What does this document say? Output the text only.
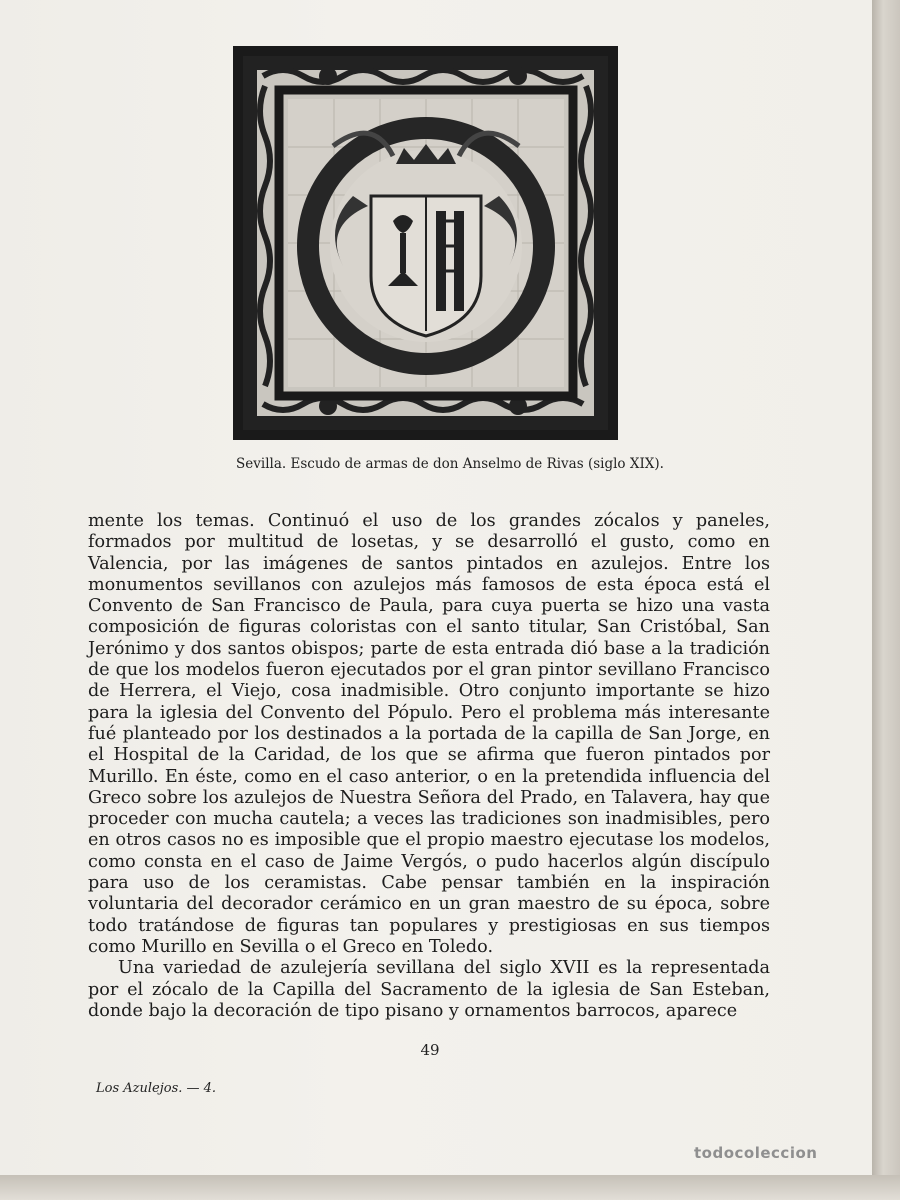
Sevilla. Escudo de armas de don Anselmo de Rivas (siglo XIX).

mente los temas. Continuó el uso de los grandes zócalos y paneles, formados por multitud de losetas, y se desarrolló el gusto, como en Valencia, por las imágenes de santos pintados en azulejos. Entre los monumentos sevillanos con azulejos más famosos de esta época está el Convento de San Francisco de Paula, para cuya puerta se hizo una vasta composición de figuras coloristas con el santo titular, San Cristóbal, San Jerónimo y dos santos obispos; parte de esta entrada dió base a la tradición de que los modelos fueron ejecutados por el gran pintor sevillano Francisco de Herrera, el Viejo, cosa inadmisible. Otro conjunto importante se hizo para la iglesia del Convento del Pópulo. Pero el problema más interesante fué planteado por los destinados a la portada de la capilla de San Jorge, en el Hospital de la Caridad, de los que se afirma que fueron pintados por Murillo. En éste, como en el caso anterior, o en la pretendida influencia del Greco sobre los azulejos de Nuestra Señora del Prado, en Talavera, hay que proceder con mucha cautela; a veces las tradiciones son inadmisibles, pero en otros casos no es imposible que el propio maestro ejecutase los modelos, como consta en el caso de Jaime Vergós, o pudo hacerlos algún discípulo para uso de los ceramistas. Cabe pensar también en la inspiración voluntaria del decorador cerámico en un gran maestro de su época, sobre todo tratándose de figuras tan populares y prestigiosas en sus tiempos como Murillo en Sevilla o el Greco en Toledo.

Una variedad de azulejería sevillana del siglo XVII es la representada por el zócalo de la Capilla del Sacramento de la iglesia de San Esteban, donde bajo la decoración de tipo pisano y ornamentos barrocos, aparece

49
Los Azulejos. — 4.
todocoleccion
